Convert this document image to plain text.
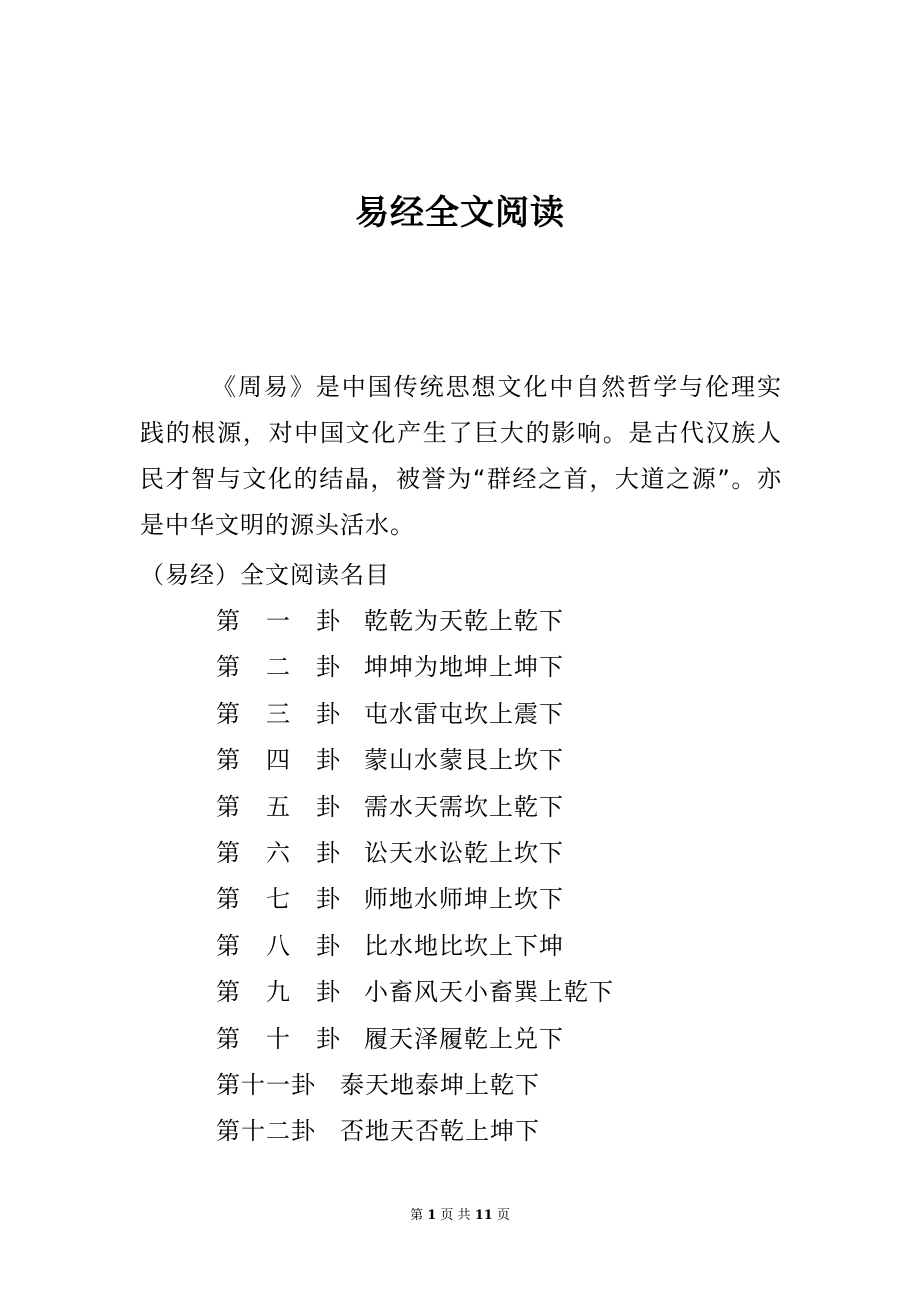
易经全文阅读

《周易》是中国传统思想文化中自然哲学与伦理实践的根源，对中国文化产生了巨大的影响。是古代汉族人民才智与文化的结晶，被誉为“群经之首，大道之源”。亦是中华文明的源头活水。

（易经）全文阅读名目
第　一　卦 乾乾为天乾上乾下
第　二　卦 坤坤为地坤上坤下
第　三　卦 屯水雷屯坎上震下
第　四　卦 蒙山水蒙艮上坎下
第　五　卦 需水天需坎上乾下
第　六　卦 讼天水讼乾上坎下
第　七　卦 师地水师坤上坎下
第　八　卦 比水地比坎上下坤
第　九　卦 小畜风天小畜巽上乾下
第　十　卦 履天泽履乾上兑下
第十一卦 泰天地泰坤上乾下
第十二卦 否地天否乾上坤下
第 1 页 共 11 页
